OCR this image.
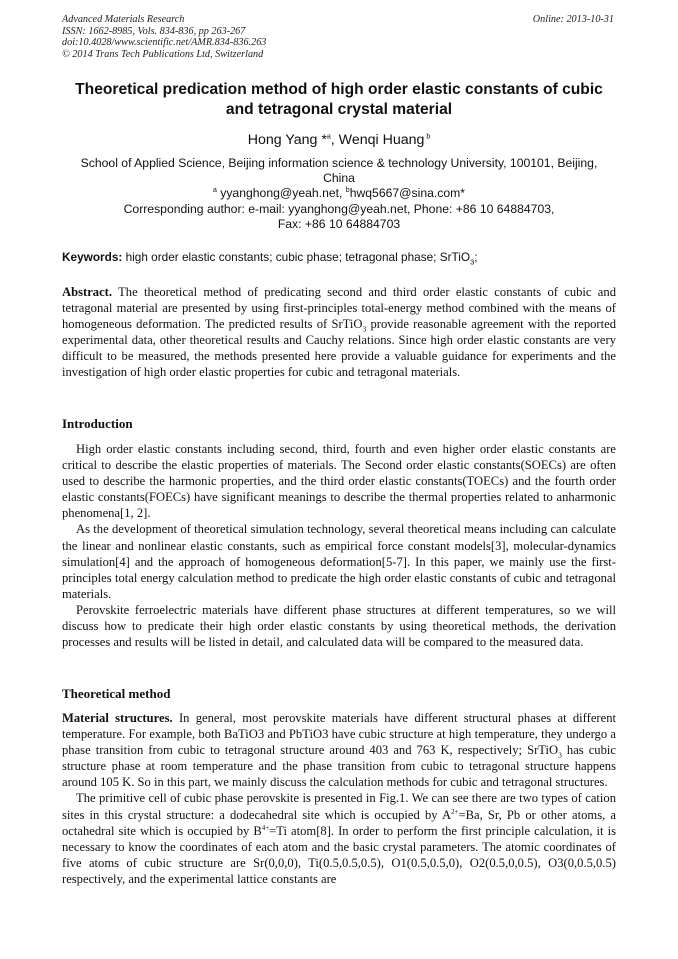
Advanced Materials Research
ISSN: 1662-8985, Vols. 834-836, pp 263-267
doi:10.4028/www.scientific.net/AMR.834-836.263
© 2014 Trans Tech Publications Ltd, Switzerland
Online: 2013-10-31
Theoretical predication method of high order elastic constants of cubic
and tetragonal crystal material
Hong Yang *$^a$, Wenqi Huang $^b$
School of Applied Science, Beijing information science & technology University, 100101, Beijing,
China
$^a$ yyanghong@yeah.net, $^b$hwq5667@sina.com*
Corresponding author: e-mail: yyanghong@yeah.net, Phone: +86 10 64884703,
Fax: +86 10 64884703
Keywords: high order elastic constants; cubic phase; tetragonal phase; SrTiO$_3$;
Abstract. The theoretical method of predicating second and third order elastic constants of cubic and tetragonal material are presented by using first-principles total-energy method combined with the means of homogeneous deformation. The predicted results of SrTiO$_3$ provide reasonable agreement with the reported experimental data, other theoretical results and Cauchy relations. Since high order elastic constants are very difficult to be measured, the methods presented here provide a valuable guidance for experiments and the investigation of high order elastic properties for cubic and tetragonal materials.
Introduction

High order elastic constants including second, third, fourth and even higher order elastic constants are critical to describe the elastic properties of materials. The Second order elastic constants(SOECs) are often used to describe the harmonic properties, and the third order elastic constants(TOECs) and the fourth order elastic constants(FOECs) have significant meanings to describe the thermal properties related to anharmonic phenomena[1, 2].

As the development of theoretical simulation technology, several theoretical means including can calculate the linear and nonlinear elastic constants, such as empirical force constant models[3], molecular-dynamics simulation[4] and the approach of homogeneous deformation[5-7]. In this paper, we mainly use the first-principles total energy calculation method to predicate the high order elastic constants of cubic and tetragonal materials.

Perovskite ferroelectric materials have different phase structures at different temperatures, so we will discuss how to predicate their high order elastic constants by using theoretical methods, the derivation processes and results will be listed in detail, and calculated data will be compared to the measured data.

Theoretical method

Material structures. In general, most perovskite materials have different structural phases at different temperature. For example, both BaTiO3 and PbTiO3 have cubic structure at high temperature, they undergo a phase transition from cubic to tetragonal structure around 403 and 763 K, respectively; SrTiO$_3$ has cubic structure phase at room temperature and the phase transition from cubic to tetragonal structure happens around 105 K. So in this part, we mainly discuss the calculation methods for cubic and tetragonal structures.

The primitive cell of cubic phase perovskite is presented in Fig.1. We can see there are two types of cation sites in this crystal structure: a dodecahedral site which is occupied by $A^{2+}=Ba$, Sr, Pb or other atoms, a octahedral site which is occupied by $B^{4+}=Ti$ atom[8]. In order to perform the first principle calculation, it is necessary to know the coordinates of each atom and the basic crystal parameters. The atomic coordinates of five atoms of cubic structure are Sr(0,0,0), Ti(0.5,0.5,0.5), O1(0.5,0.5,0), O2(0.5,0,0.5), O3(0,0.5,0.5) respectively, and the experimental lattice constants are
